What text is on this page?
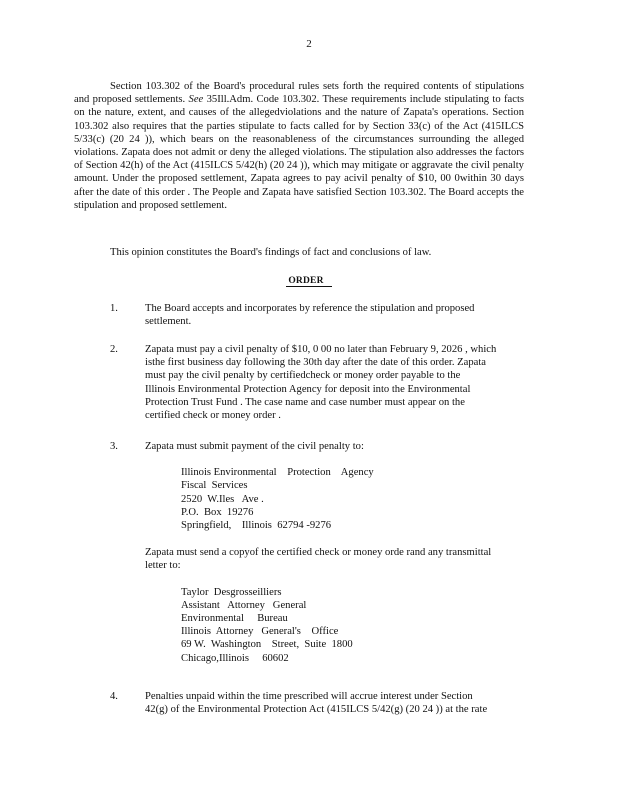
2

Section 103.302 of the Board's procedural rules sets forth the required contents of stipulations and proposed settlements. See 35Ill.Adm. Code 103.302. These requirements include stipulating to facts on the nature, extent, and causes of the allegedviolations and the nature of Zapata's operations. Section 103.302 also requires that the parties stipulate to facts called for by Section 33(c) of the Act (415ILCS 5/33(c) (20 24 )), which bears on the reasonableness of the circumstances surrounding the alleged violations. Zapata does not admit or deny the alleged violations. The stipulation also addresses the factors of Section 42(h) of the Act (415ILCS 5/42(h) (20 24 )), which may mitigate or aggravate the civil penalty amount. Under the proposed settlement, Zapata agrees to pay acivil penalty of $10, 00 0within 30 days after the date of this order . The People and Zapata have satisfied Section 103.302. The Board accepts the stipulation and proposed settlement.

This opinion constitutes the Board's findings of fact and conclusions of law.
ORDER
1.	The Board accepts and incorporates by reference the stipulation and proposed
settlement.
2.	Zapata must pay a civil penalty of $10, 0 00 no later than February 9, 2026 , which
isthe first business day following the 30th day after the date of this order. Zapata
must pay the civil penalty by certifiedcheck or money order payable to the
Illinois Environmental Protection Agency for deposit into the Environmental
Protection Trust Fund . The case name and case number must appear on the
certified check or money order .
3.	Zapata must submit payment of the civil penalty to:
Illinois Environmental    Protection    Agency
Fiscal  Services
2520  W.Iles   Ave .
P.O.  Box  19276
Springfield,    Illinois  62794 -9276
Zapata must send a copyof the certified check or money orde rand any transmittal
letter to:
Taylor  Desgrosseilliers
Assistant   Attorney   General
Environmental     Bureau
Illinois  Attorney   General's    Office
69 W.  Washington    Street,  Suite  1800
Chicago,Illinois     60602
4.	Penalties unpaid within the time prescribed will accrue interest under Section
42(g) of the Environmental Protection Act (415ILCS 5/42(g) (20 24 )) at the rate
